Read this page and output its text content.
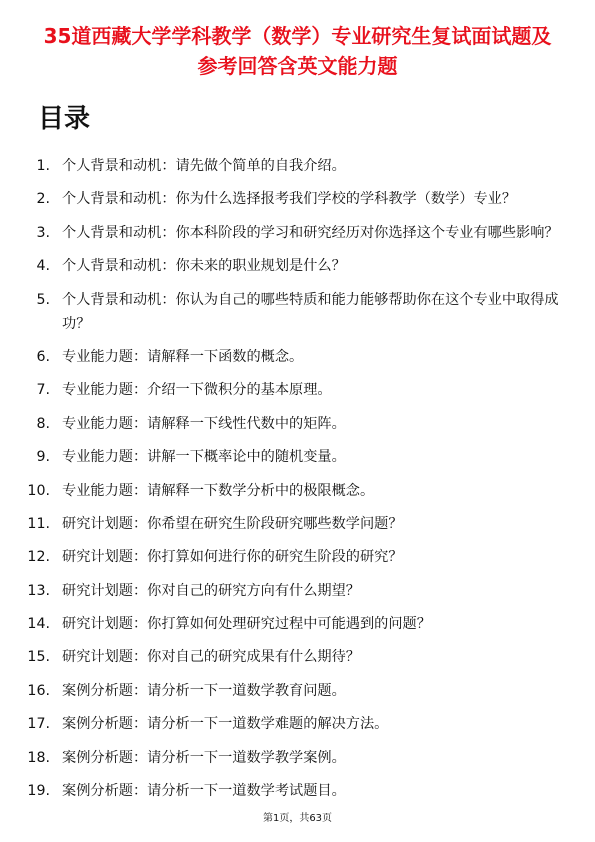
35道西藏大学学科教学（数学）专业研究生复试面试题及参考回答含英文能力题
目录
1. 个人背景和动机：请先做个简单的自我介绍。
2. 个人背景和动机：你为什么选择报考我们学校的学科教学（数学）专业？
3. 个人背景和动机：你本科阶段的学习和研究经历对你选择这个专业有哪些影响？
4. 个人背景和动机：你未来的职业规划是什么？
5. 个人背景和动机：你认为自己的哪些特质和能力能够帮助你在这个专业中取得成功？
6. 专业能力题：请解释一下函数的概念。
7. 专业能力题：介绍一下微积分的基本原理。
8. 专业能力题：请解释一下线性代数中的矩阵。
9. 专业能力题：讲解一下概率论中的随机变量。
10. 专业能力题：请解释一下数学分析中的极限概念。
11. 研究计划题：你希望在研究生阶段研究哪些数学问题？
12. 研究计划题：你打算如何进行你的研究生阶段的研究？
13. 研究计划题：你对自己的研究方向有什么期望？
14. 研究计划题：你打算如何处理研究过程中可能遇到的问题？
15. 研究计划题：你对自己的研究成果有什么期待？
16. 案例分析题：请分析一下一道数学教育问题。
17. 案例分析题：请分析一下一道数学难题的解决方法。
18. 案例分析题：请分析一下一道数学教学案例。
19. 案例分析题：请分析一下一道数学考试题目。
第1页，共63页
